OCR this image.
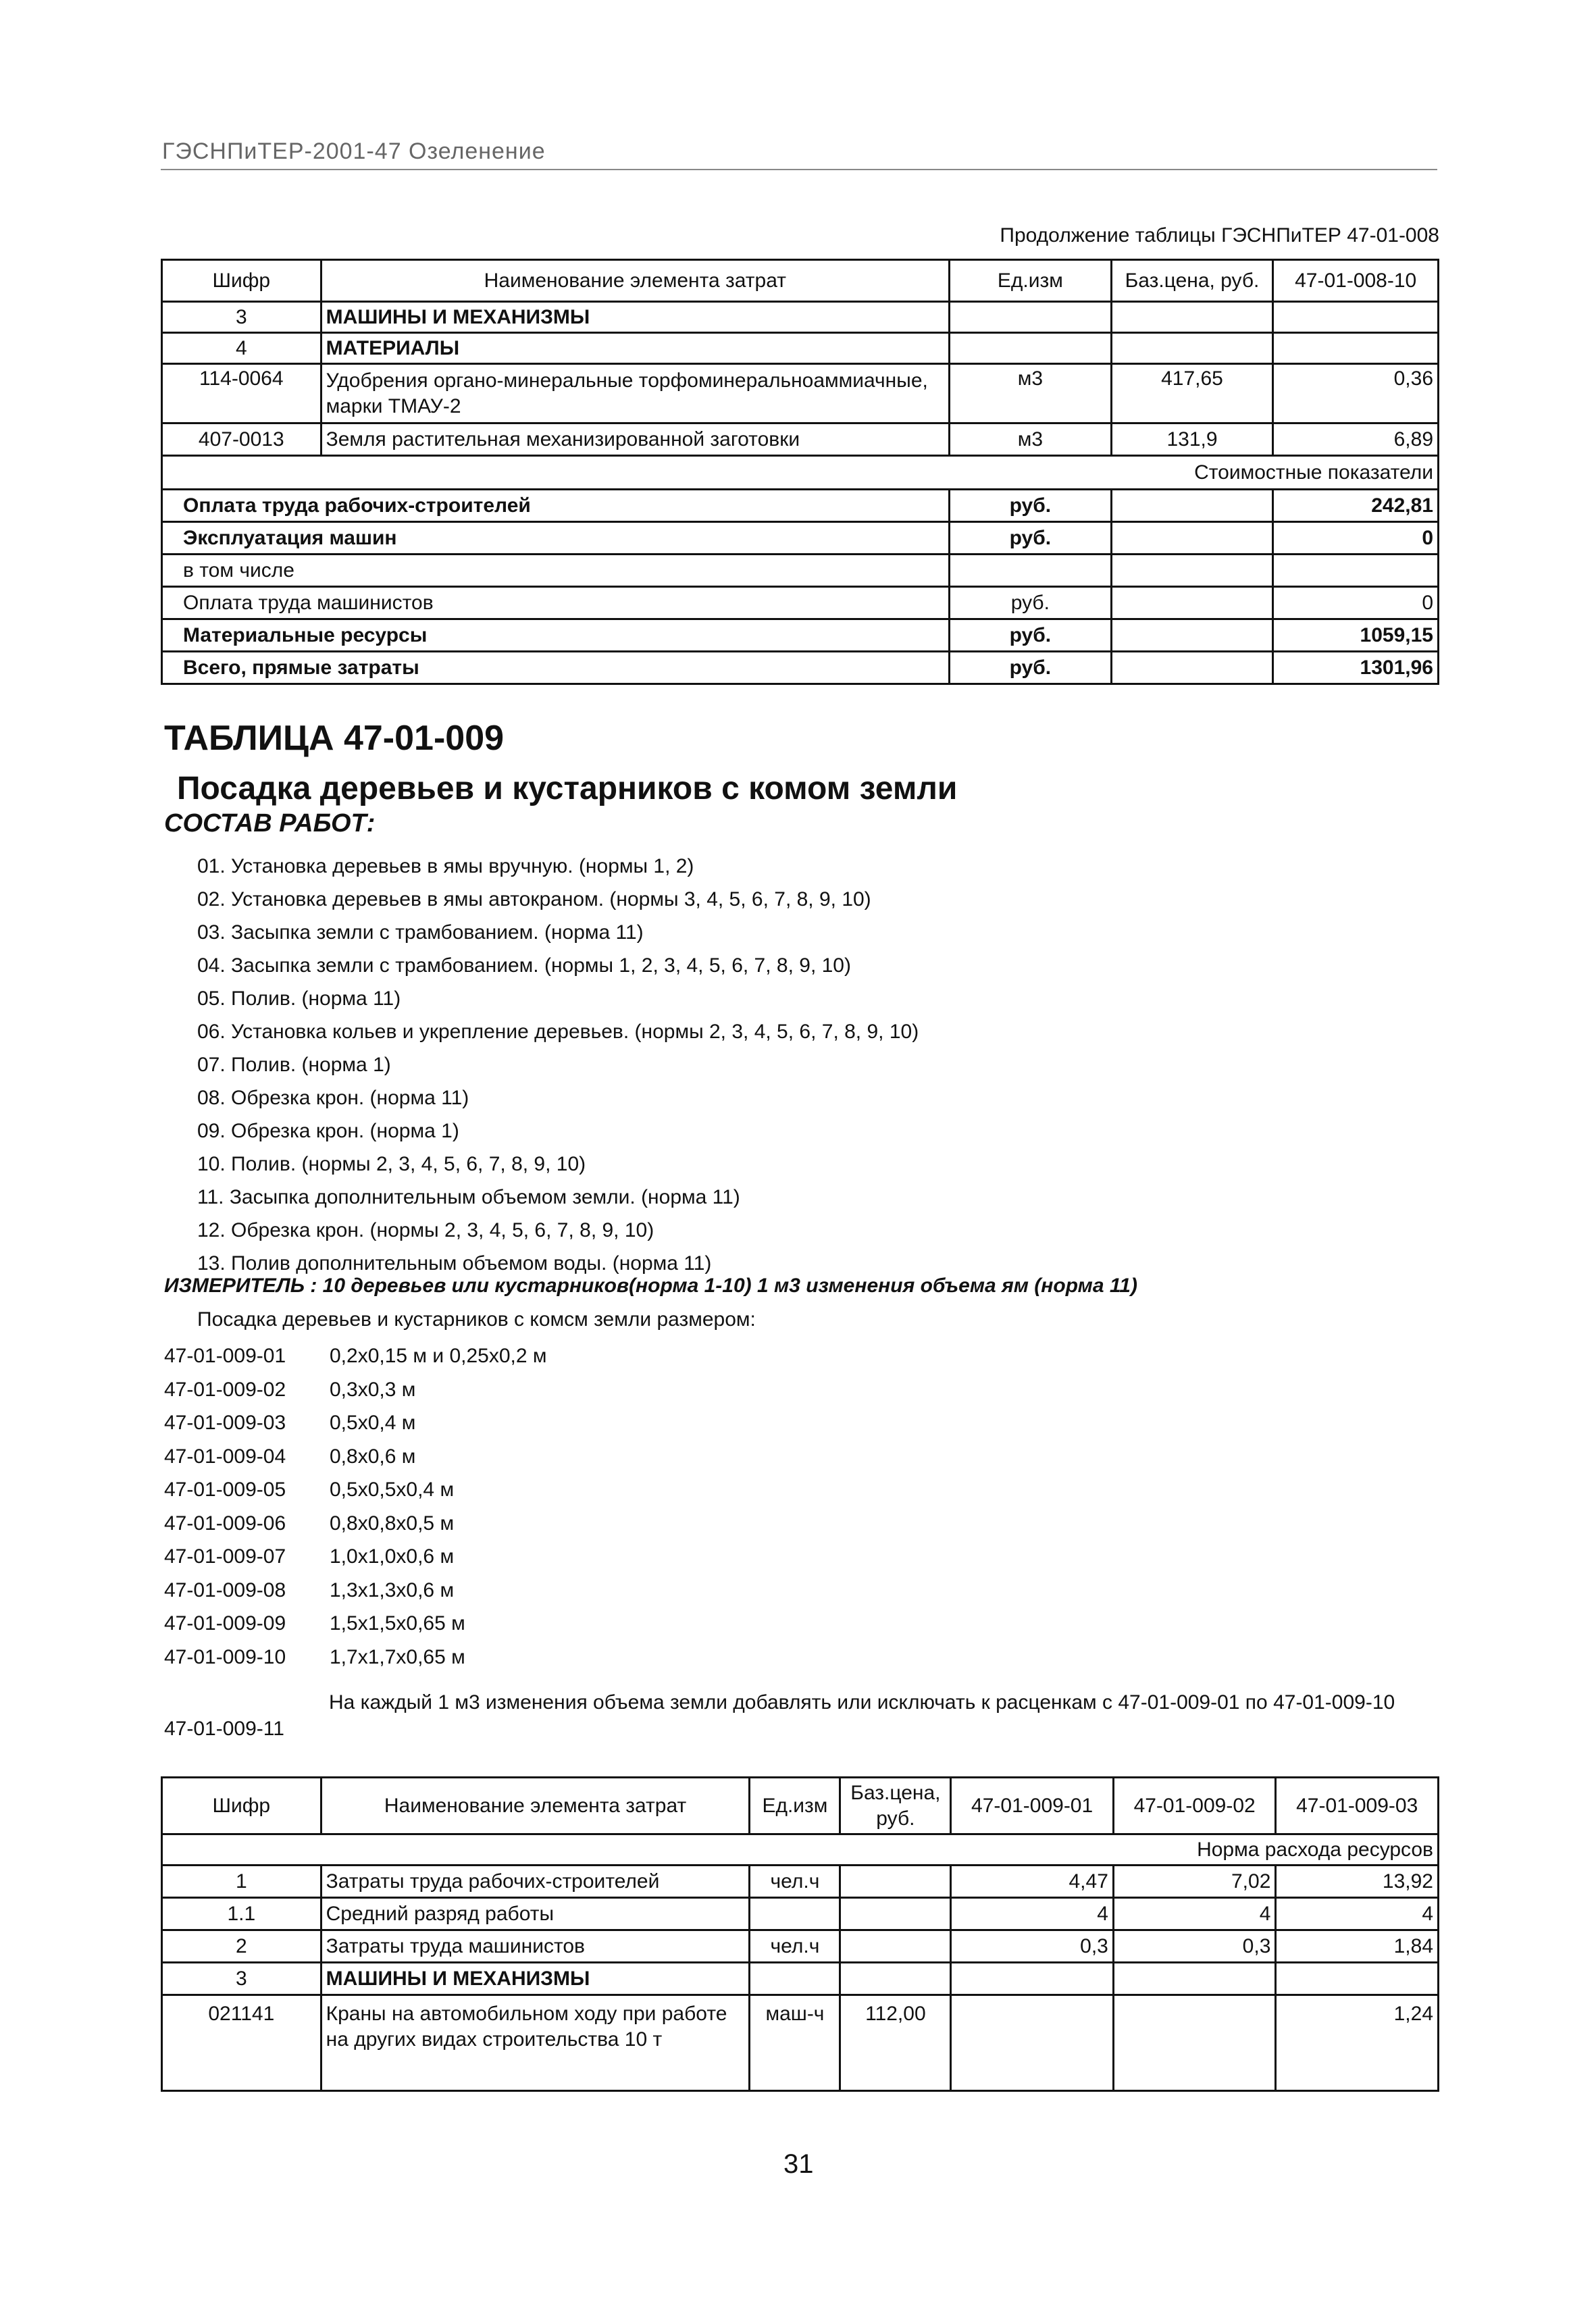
ГЭСНПиТЕР-2001-47 Озеленение
Продолжение таблицы ГЭСНПиТЕР 47-01-008
Шифр	Наименование элемента затрат	Ед.изм	Баз.цена, руб.	47-01-008-10
3	МАШИНЫ И МЕХАНИЗМЫ			
4	МАТЕРИАЛЫ			
114-0064	Удобрения органо-минеральные торфоминеральноаммиачные, марки ТМАУ-2	м3	417,65	0,36
407-0013	Земля растительная механизированной заготовки	м3	131,9	6,89
Стоимостные показатели				
Оплата труда рабочих-строителей		руб.		242,81
Эксплуатация машин		руб.		0
в том числе				
Оплата труда машинистов		руб.		0
Материальные ресурсы		руб.		1059,15
Всего, прямые затраты		руб.		1301,96
ТАБЛИЦА 47-01-009
Посадка деревьев и кустарников с комом земли
СОСТАВ РАБОТ:
01. Установка деревьев в ямы вручную. (нормы 1, 2)
02. Установка деревьев в ямы автокраном. (нормы 3, 4, 5, 6, 7, 8, 9, 10)
03. Засыпка земли с трамбованием. (норма 11)
04. Засыпка земли с трамбованием. (нормы 1, 2, 3, 4, 5, 6, 7, 8, 9, 10)
05. Полив. (норма 11)
06. Установка кольев и укрепление деревьев. (нормы 2, 3, 4, 5, 6, 7, 8, 9, 10)
07. Полив. (норма 1)
08. Обрезка крон. (норма 11)
09. Обрезка крон. (норма 1)
10. Полив. (нормы 2, 3, 4, 5, 6, 7, 8, 9, 10)
11. Засыпка дополнительным объемом земли. (норма 11)
12. Обрезка крон. (нормы 2, 3, 4, 5, 6, 7, 8, 9, 10)
13. Полив дополнительным объемом воды. (норма 11)
ИЗМЕРИТЕЛЬ : 10 деревьев или кустарников(норма 1-10) 1 м3 изменения объема ям (норма 11)
Посадка деревьев и кустарников с комсм земли размером:
47-01-009-01 0,2х0,15 м и 0,25х0,2 м
47-01-009-02 0,3х0,3 м
47-01-009-03 0,5х0,4 м
47-01-009-04 0,8х0,6 м
47-01-009-05 0,5х0,5х0,4 м
47-01-009-06 0,8х0,8х0,5 м
47-01-009-07 1,0х1,0х0,6 м
47-01-009-08 1,3х1,3х0,6 м
47-01-009-09 1,5х1,5х0,65 м
47-01-009-10 1,7х1,7х0,65 м
На каждый 1 м3 изменения объема земли добавлять или исключать к расценкам с 47-01-009-01 по 47-01-009-10
47-01-009-11
Шифр	Наименование элемента затрат	Ед.изм	Баз.цена, руб.	47-01-009-01	47-01-009-02	47-01-009-03
Норма расхода ресурсов						
1	Затраты труда рабочих-строителей	чел.ч		4,47	7,02	13,92
1.1	Средний разряд работы			4	4	4
2	Затраты труда машинистов	чел.ч		0,3	0,3	1,84
3	МАШИНЫ И МЕХАНИЗМЫ					
021141	Краны на автомобильном ходу при работе на других видах строительства 10 т	маш-ч	112,00			1,24
31
